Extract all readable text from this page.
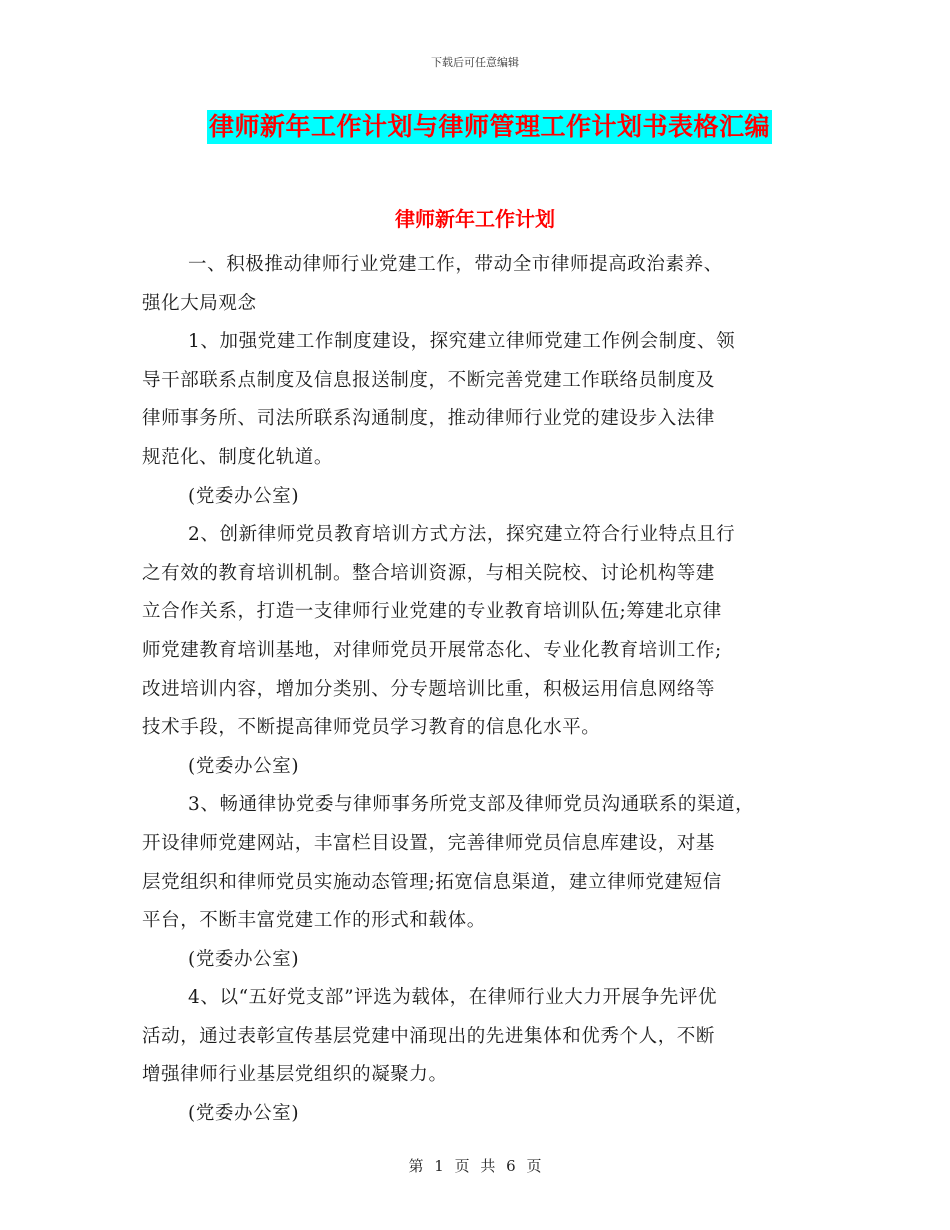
下载后可任意编辑
律师新年工作计划与律师管理工作计划书表格汇编
律师新年工作计划
一、积极推动律师行业党建工作，带动全市律师提高政治素养、
强化大局观念
1、加强党建工作制度建设，探究建立律师党建工作例会制度、领
导干部联系点制度及信息报送制度，不断完善党建工作联络员制度及
律师事务所、司法所联系沟通制度，推动律师行业党的建设步入法律
规范化、制度化轨道。
(党委办公室)
2、创新律师党员教育培训方式方法，探究建立符合行业特点且行
之有效的教育培训机制。整合培训资源，与相关院校、讨论机构等建
立合作关系，打造一支律师行业党建的专业教育培训队伍;筹建北京律
师党建教育培训基地，对律师党员开展常态化、专业化教育培训工作;
改进培训内容，增加分类别、分专题培训比重，积极运用信息网络等
技术手段，不断提高律师党员学习教育的信息化水平。
(党委办公室)
3、畅通律协党委与律师事务所党支部及律师党员沟通联系的渠道，
开设律师党建网站，丰富栏目设置，完善律师党员信息库建设，对基
层党组织和律师党员实施动态管理;拓宽信息渠道，建立律师党建短信
平台，不断丰富党建工作的形式和载体。
(党委办公室)
4、以“五好党支部”评选为载体，在律师行业大力开展争先评优
活动，通过表彰宣传基层党建中涌现出的先进集体和优秀个人，不断
增强律师行业基层党组织的凝聚力。
(党委办公室)
第 1 页 共 6 页
